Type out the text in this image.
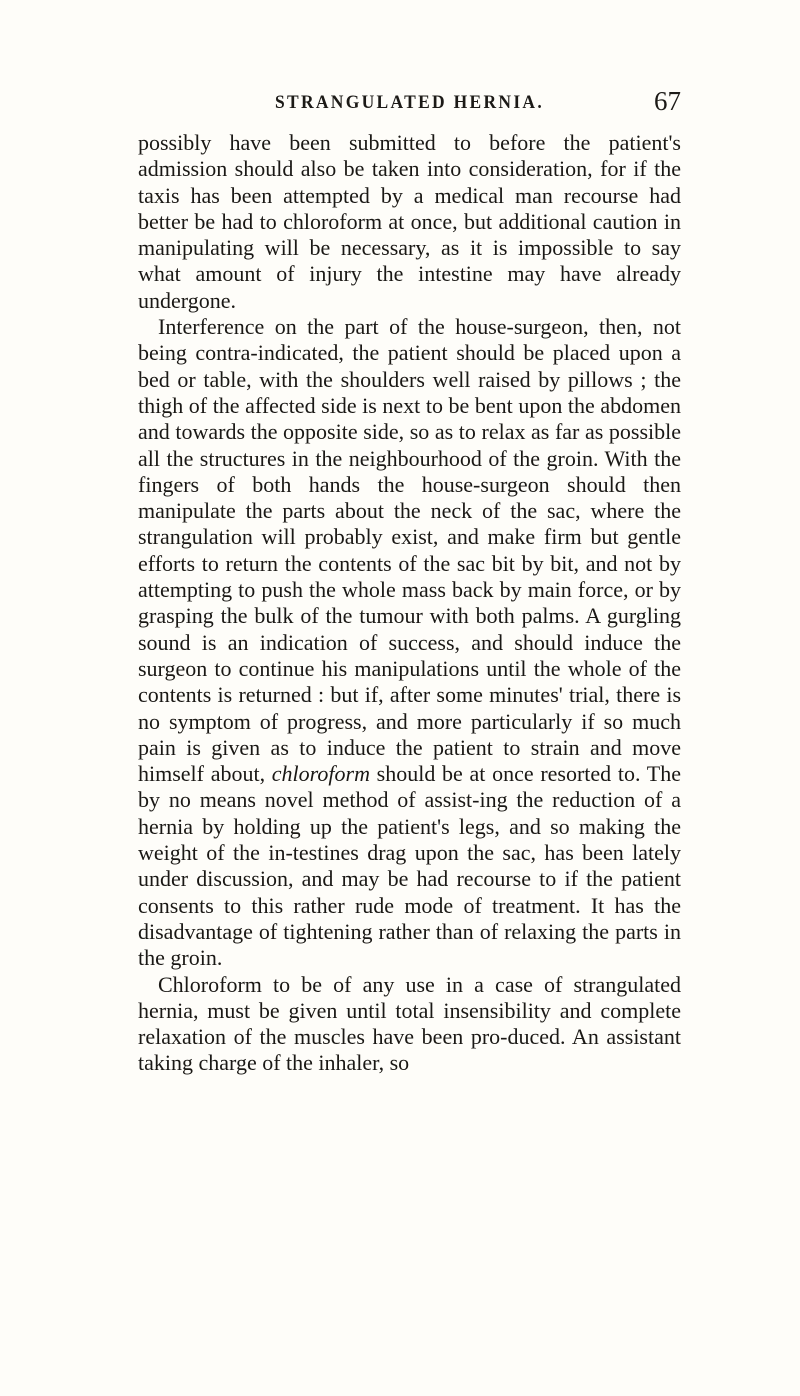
STRANGULATED HERNIA.	67

possibly have been submitted to before the patient's admission should also be taken into consideration, for if the taxis has been attempted by a medical man recourse had better be had to chloroform at once, but additional caution in manipulating will be necessary, as it is impossible to say what amount of injury the intestine may have already undergone.

Interference on the part of the house-surgeon, then, not being contra-indicated, the patient should be placed upon a bed or table, with the shoulders well raised by pillows ; the thigh of the affected side is next to be bent upon the abdomen and towards the opposite side, so as to relax as far as possible all the structures in the neighbourhood of the groin. With the fingers of both hands the house-surgeon should then manipulate the parts about the neck of the sac, where the strangulation will probably exist, and make firm but gentle efforts to return the contents of the sac bit by bit, and not by attempting to push the whole mass back by main force, or by grasping the bulk of the tumour with both palms. A gurgling sound is an indication of success, and should induce the surgeon to continue his manipulations until the whole of the contents is returned : but if, after some minutes' trial, there is no symptom of progress, and more particularly if so much pain is given as to induce the patient to strain and move himself about, chloroform should be at once resorted to. The by no means novel method of assist-ing the reduction of a hernia by holding up the patient's legs, and so making the weight of the in-testines drag upon the sac, has been lately under discussion, and may be had recourse to if the patient consents to this rather rude mode of treatment. It has the disadvantage of tightening rather than of relaxing the parts in the groin.

Chloroform to be of any use in a case of strangulated hernia, must be given until total insensibility and complete relaxation of the muscles have been pro-duced. An assistant taking charge of the inhaler, so
